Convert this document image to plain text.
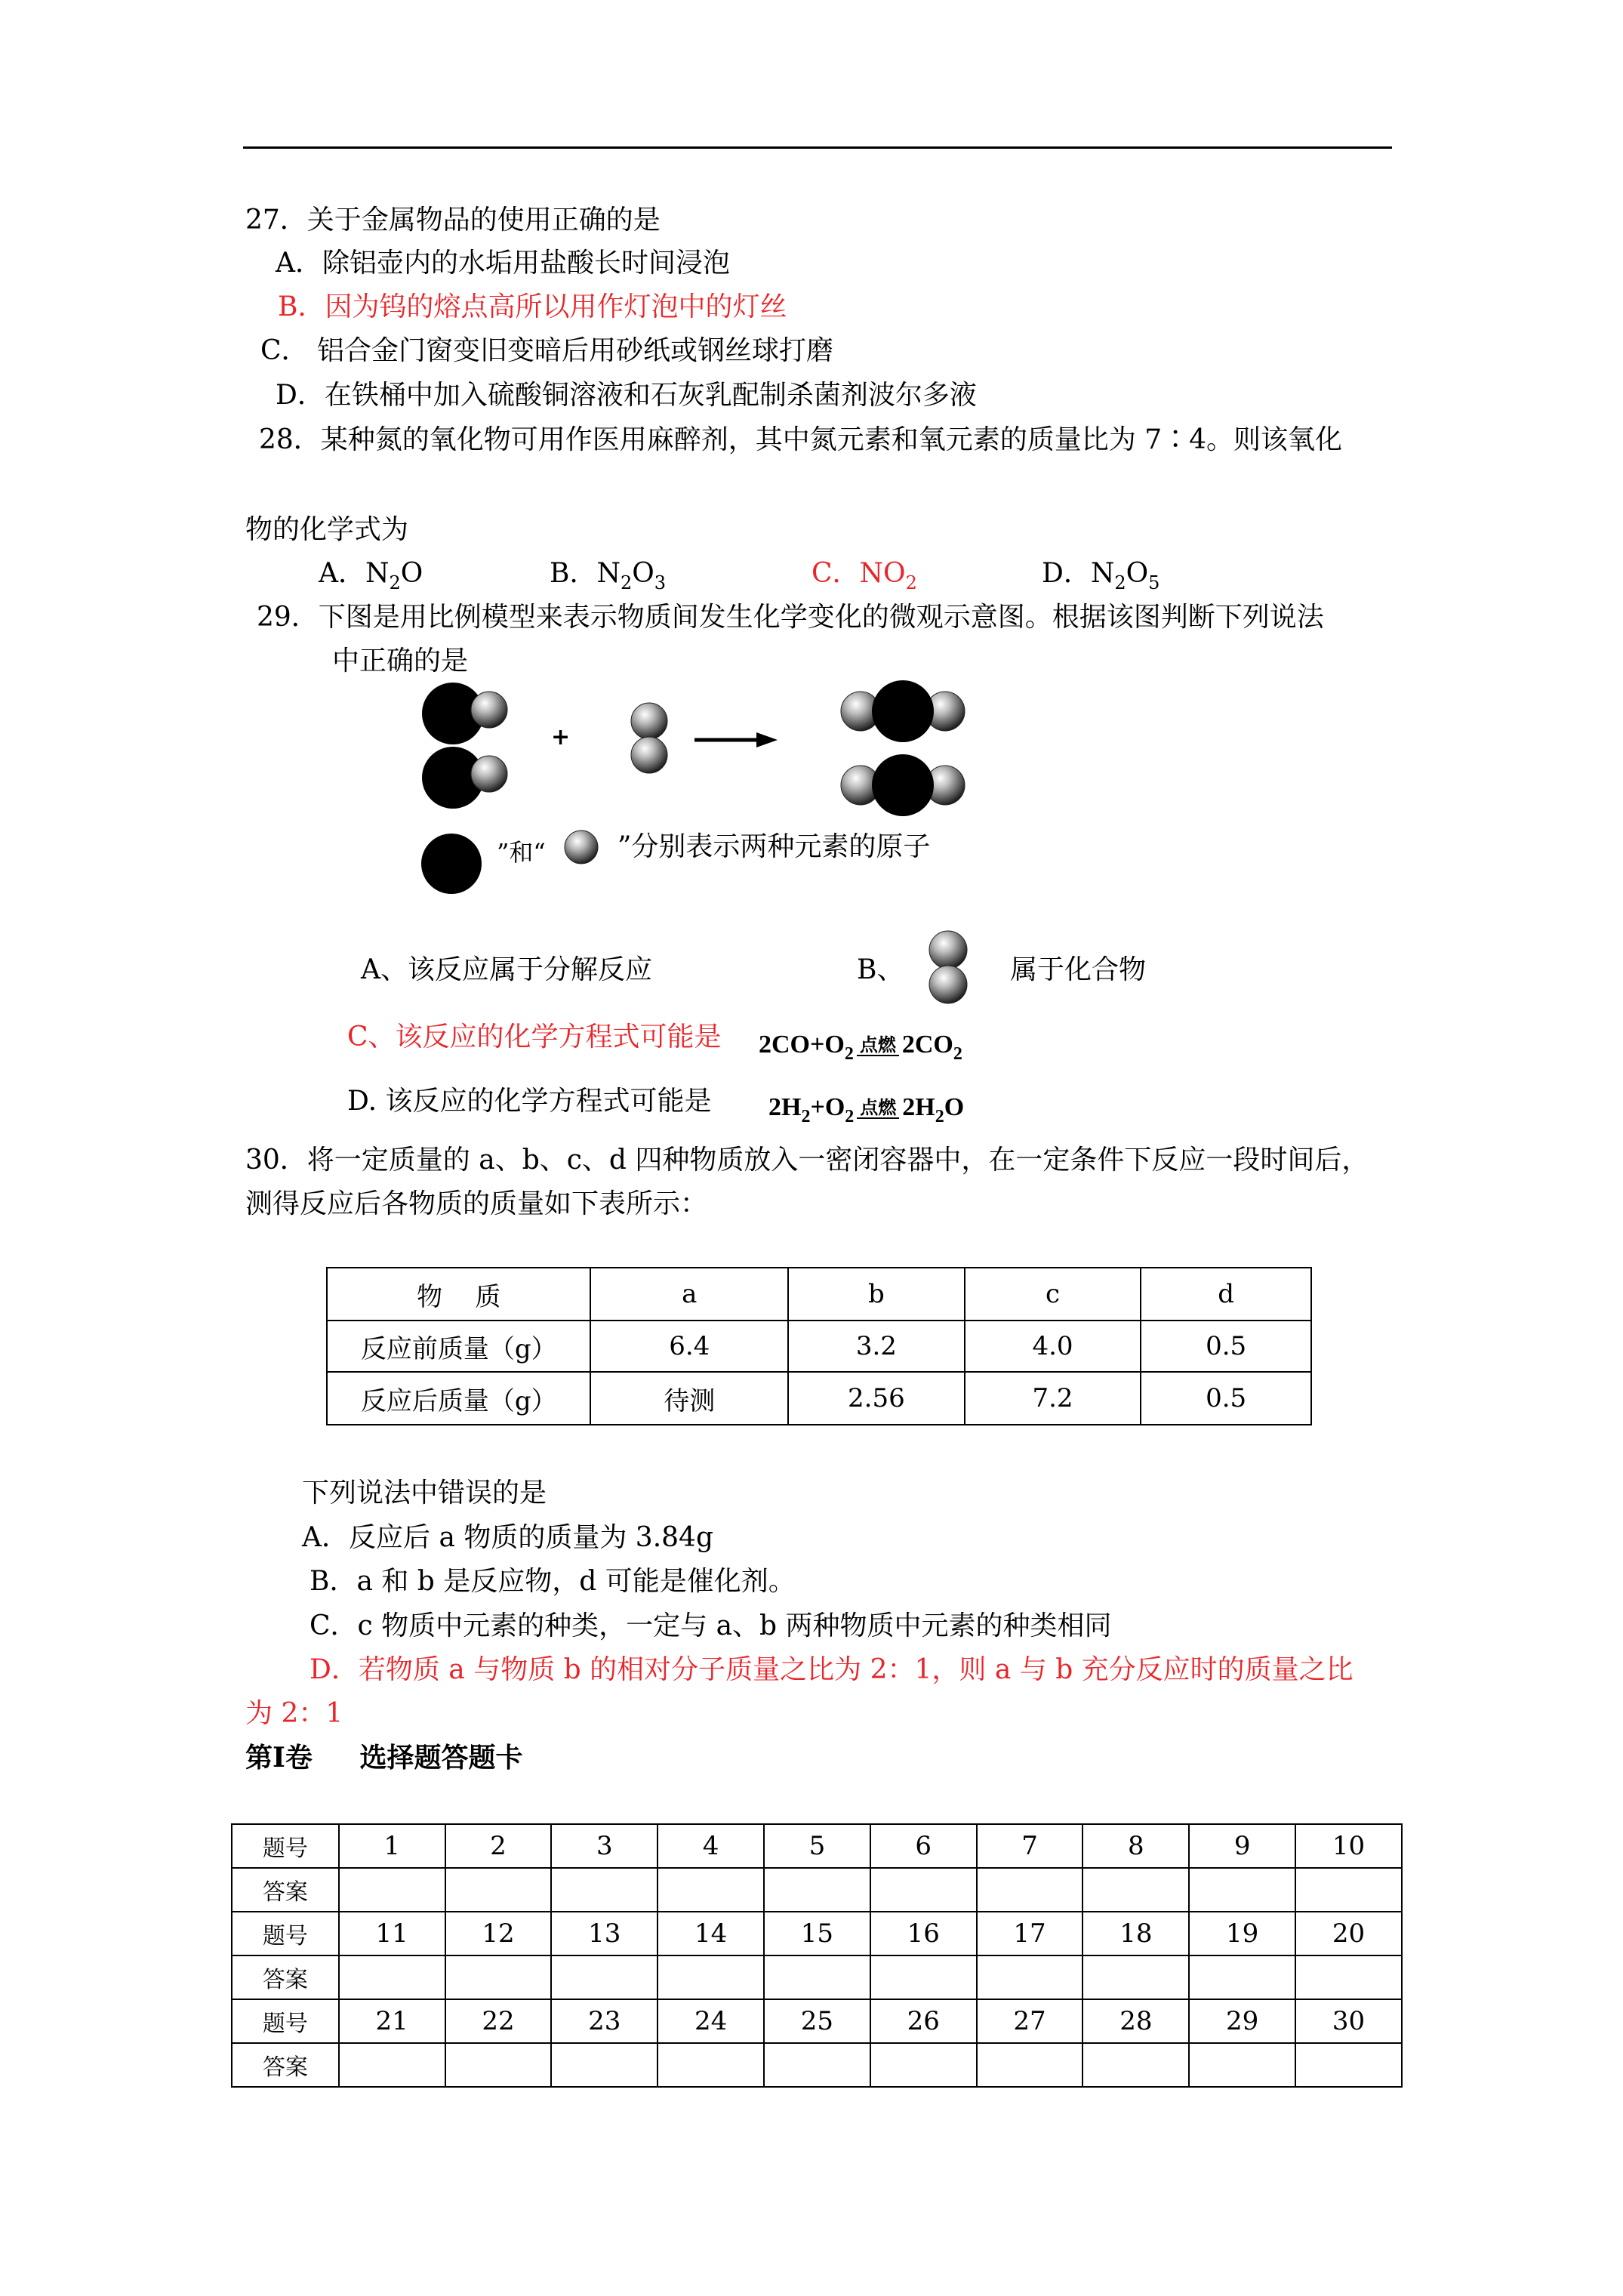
27．关于金属物品的使用正确的是
A．除铝壶内的水垢用盐酸长时间浸泡
B．因为钨的熔点高所以用作灯泡中的灯丝
C． 铝合金门窗变旧变暗后用砂纸或钢丝球打磨
D．在铁桶中加入硫酸铜溶液和石灰乳配制杀菌剂波尔多液
28．某种氮的氧化物可用作医用麻醉剂，其中氮元素和氧元素的质量比为 7∶4。则该氧化
物的化学式为
A．$N_2O$	B．$N_2O_3$	C．$NO_2$	D．$N_2O_5$
29．下图是用比例模型来表示物质间发生化学变化的微观示意图。根据该图判断下列说法
中正确的是
+
”和“	”分别表示两种元素的原子
A、该反应属于分解反应	B、	属于化合物
C、该反应的化学方程式可能是 $2CO+O_2$ 点燃 $2CO_2$
D. 该反应的化学方程式可能是 $2H_2+O_2$ 点燃 $2H_2O$
30．将一定质量的 a、b、c、d 四种物质放入一密闭容器中，在一定条件下反应一段时间后，
测得反应后各物质的质量如下表所示：
物    质	a	b	c	d
反应前质量（g）	6.4	3.2	4.0	0.5
反应后质量（g）	待测	2.56	7.2	0.5
下列说法中错误的是
A．反应后 a 物质的质量为 3.84g
B．a 和 b 是反应物，d 可能是催化剂。
C．c 物质中元素的种类，一定与 a、b 两种物质中元素的种类相同
D．若物质 a 与物质 b 的相对分子质量之比为 2：1，则 a 与 b 充分反应时的质量之比
为 2：1
第Ⅰ卷     选择题答题卡
题号	1	2	3	4	5	6	7	8	9	10
答案										
题号	11	12	13	14	15	16	17	18	19	20
答案										
题号	21	22	23	24	25	26	27	28	29	30
答案										
